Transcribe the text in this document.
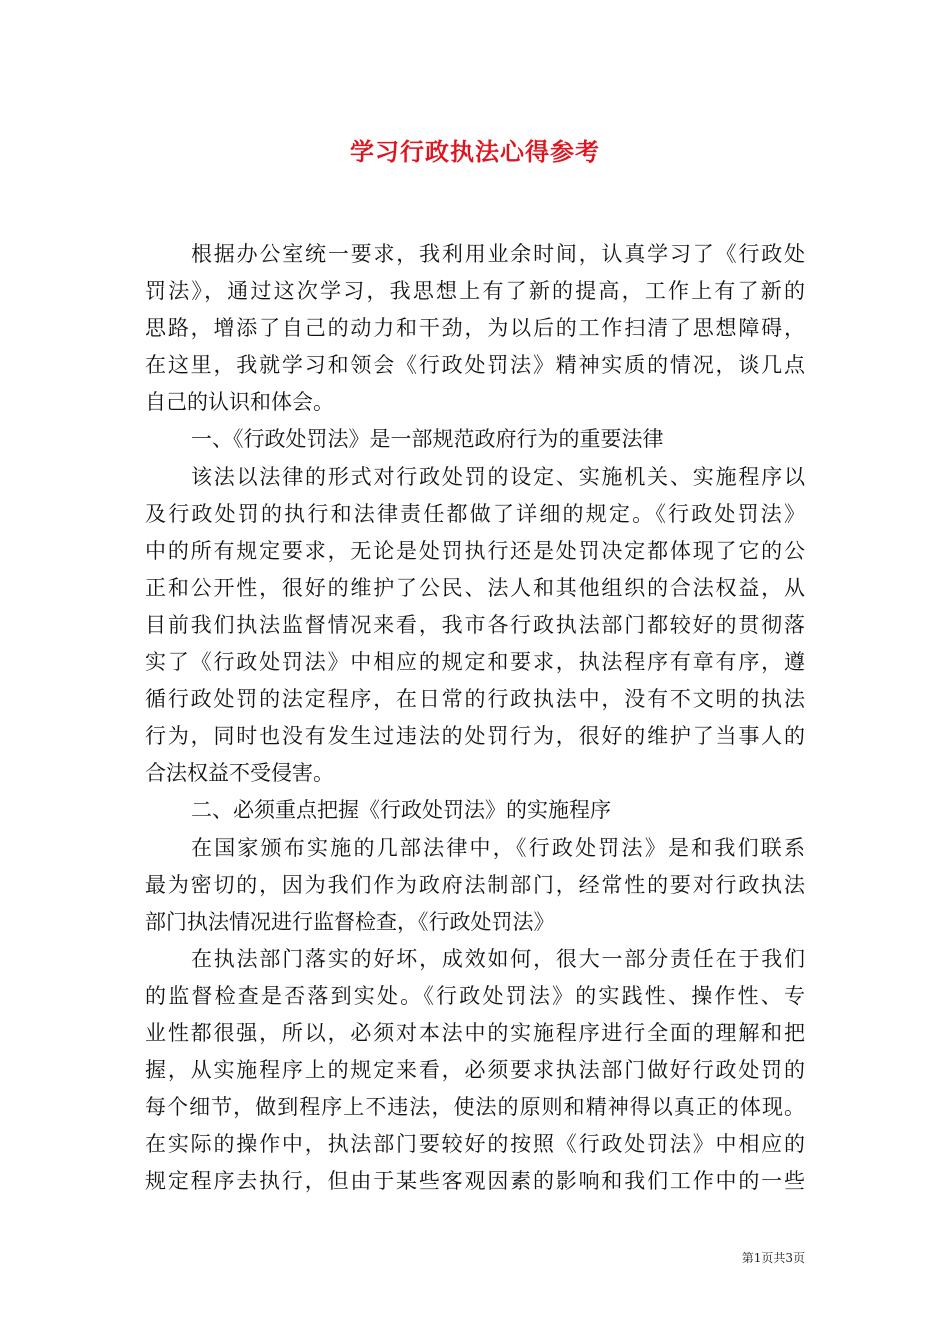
学习行政执法心得参考
根据办公室统一要求，我利用业余时间，认真学习了《行政处
罚法》，通过这次学习，我思想上有了新的提高，工作上有了新的
思路，增添了自己的动力和干劲，为以后的工作扫清了思想障碍，
在这里，我就学习和领会《行政处罚法》精神实质的情况，谈几点
自己的认识和体会。
一、《行政处罚法》是一部规范政府行为的重要法律
该法以法律的形式对行政处罚的设定、实施机关、实施程序以
及行政处罚的执行和法律责任都做了详细的规定。《行政处罚法》
中的所有规定要求，无论是处罚执行还是处罚决定都体现了它的公
正和公开性，很好的维护了公民、法人和其他组织的合法权益，从
目前我们执法监督情况来看，我市各行政执法部门都较好的贯彻落
实了《行政处罚法》中相应的规定和要求，执法程序有章有序，遵
循行政处罚的法定程序，在日常的行政执法中，没有不文明的执法
行为，同时也没有发生过违法的处罚行为，很好的维护了当事人的
合法权益不受侵害。
二、必须重点把握《行政处罚法》的实施程序
在国家颁布实施的几部法律中，《行政处罚法》是和我们联系
最为密切的，因为我们作为政府法制部门，经常性的要对行政执法
部门执法情况进行监督检查，《行政处罚法》
在执法部门落实的好坏，成效如何，很大一部分责任在于我们
的监督检查是否落到实处。《行政处罚法》的实践性、操作性、专
业性都很强，所以，必须对本法中的实施程序进行全面的理解和把
握，从实施程序上的规定来看，必须要求执法部门做好行政处罚的
每个细节，做到程序上不违法，使法的原则和精神得以真正的体现。
在实际的操作中，执法部门要较好的按照《行政处罚法》中相应的
规定程序去执行，但由于某些客观因素的影响和我们工作中的一些
第1页共3页
